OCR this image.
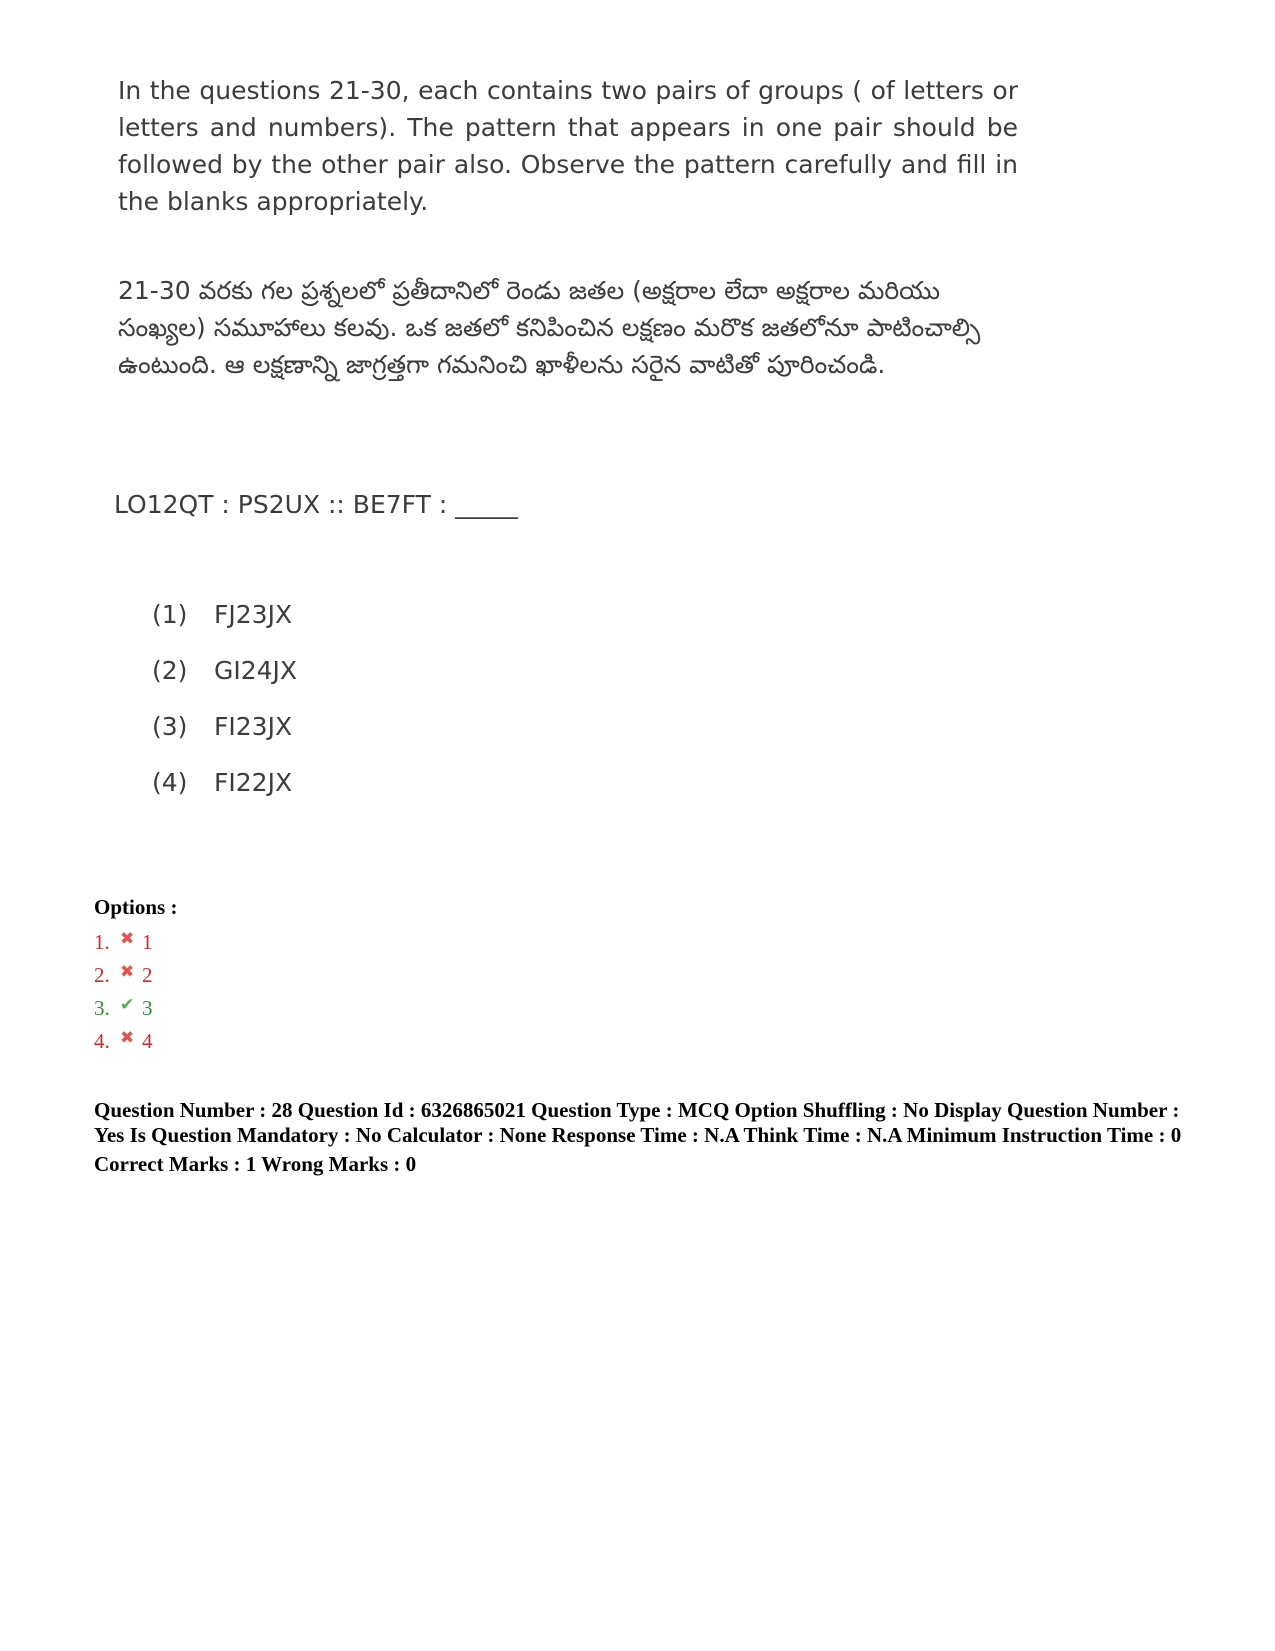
In the questions 21-30, each contains two pairs of groups ( of letters or letters and numbers). The pattern that appears in one pair should be followed by the other pair also. Observe the pattern carefully and fill in the blanks appropriately.

21-30 వరకు గల ప్రశ్నలలో ప్రతీదానిలో రెండు జతల (అక్షరాల లేదా అక్షరాల మరియు సంఖ్యల) సమూహాలు కలవు. ఒక జతలో కనిపించిన లక్షణం మరొక జతలోనూ పాటించాల్సి ఉంటుంది. ఆ లక్షణాన్ని జాగ్రత్తగా గమనించి ఖాళీలను సరైన వాటితో పూరించండి.

LO12QT : PS2UX :: BE7FT : _____
(1)	FJ23JX
(2)	GI24JX
(3)	FI23JX
(4)	FI22JX
Options :
1. ✖ 1
2. ✖ 2
3. ✔ 3
4. ✖ 4
Question Number : 28 Question Id : 6326865021 Question Type : MCQ Option Shuffling : No Display Question Number : Yes Is Question Mandatory : No Calculator : None Response Time : N.A Think Time : N.A Minimum Instruction Time : 0
Correct Marks : 1 Wrong Marks : 0
